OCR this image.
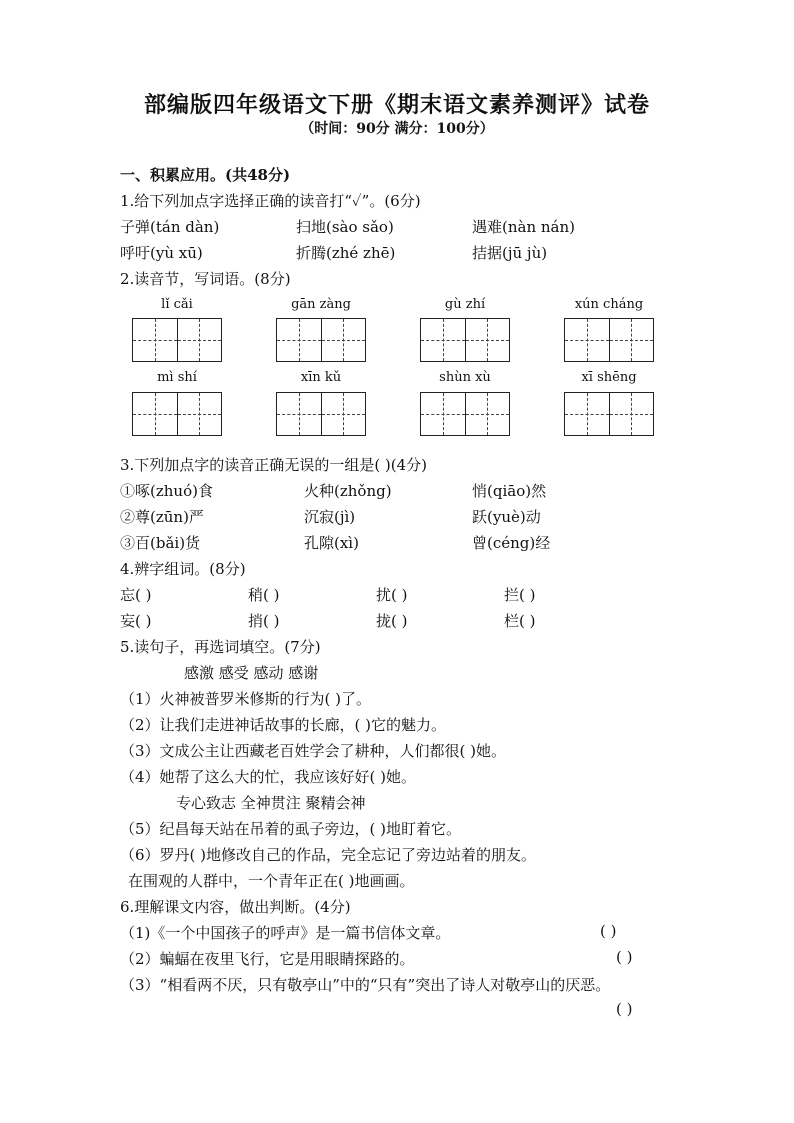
部编版四年级语文下册《期末语文素养测评》试卷
（时间：90分 满分：100分）
一、积累应用。(共48分)
1.给下列加点字选择正确的读音打“✓”。(6分)
子弹(tán dàn)	扫地(sào sǎo)	遇难(nàn nán)
呼吁(yù xū)	折腾(zhé zhē)	拮据(jū jù)
2.读音节，写词语。(8分)
lǐ cǎi	gān zàng	gù zhí	xún cháng
mì shí	xīn kǔ	shùn xù	xī shēng
3.下列加点字的读音正确无误的一组是( )(4分)
①啄(zhuó)食	火种(zhǒng)	悄(qiāo)然
②尊(zūn)严	沉寂(jì)	跃(yuè)动
③百(bǎi)货	孔隙(xì)	曾(céng)经
4.辨字组词。(8分)
忘( )	稍( )	扰( )	拦( )
妄( )	捎( )	拢( )	栏( )
5.读句子，再选词填空。(7分)
感激 感受 感动 感谢
（1）火神被普罗米修斯的行为( )了。
（2）让我们走进神话故事的长廊，( )它的魅力。
（3）文成公主让西藏老百姓学会了耕种，人们都很( )她。
（4）她帮了这么大的忙，我应该好好( )她。
专心致志 全神贯注 聚精会神
（5）纪昌每天站在吊着的虱子旁边，( )地盯着它。
（6）罗丹( )地修改自己的作品，完全忘记了旁边站着的朋友。
在围观的人群中，一个青年正在( )地画画。
6.理解课文内容，做出判断。(4分)
（1)《一个中国孩子的呼声》是一篇书信体文章。	( )
（2）蝙蝠在夜里飞行，它是用眼睛探路的。	( )
（3）“相看两不厌，只有敬亭山”中的“只有”突出了诗人对敬亭山的厌恶。
( )
